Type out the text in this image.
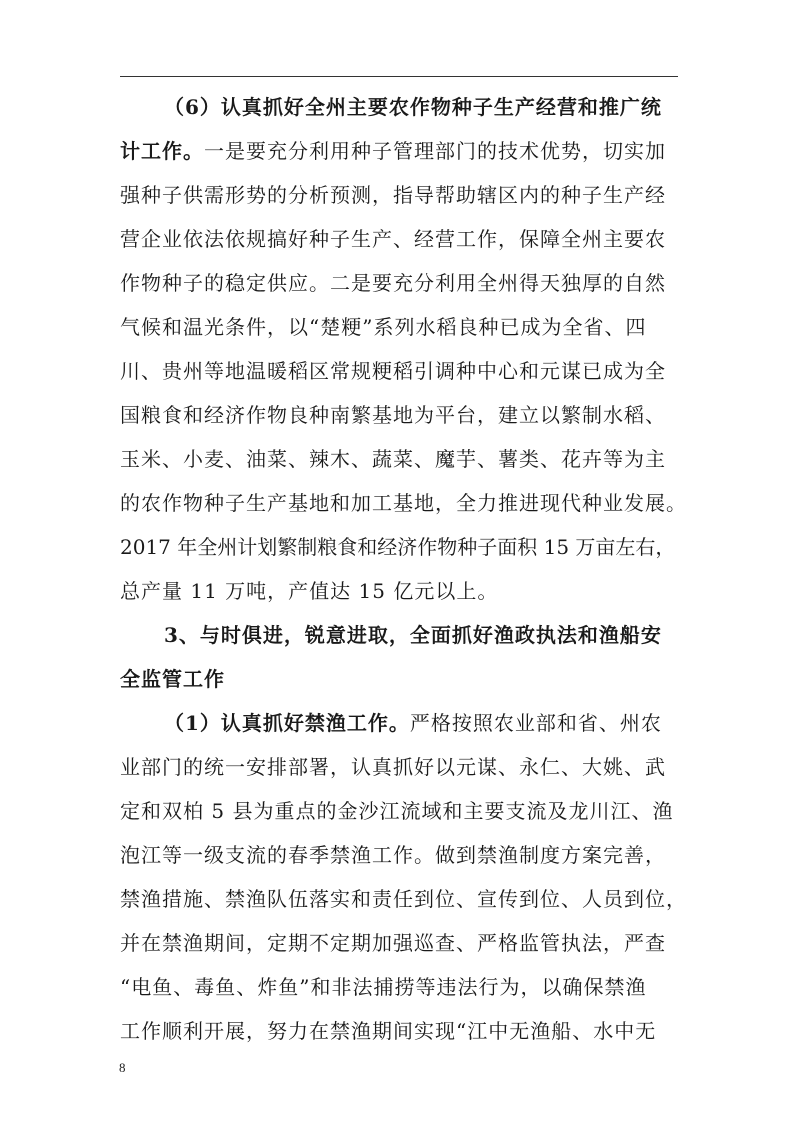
（6）认真抓好全州主要农作物种子生产经营和推广统
计工作。一是要充分利用种子管理部门的技术优势，切实加
强种子供需形势的分析预测，指导帮助辖区内的种子生产经
营企业依法依规搞好种子生产、经营工作，保障全州主要农
作物种子的稳定供应。二是要充分利用全州得天独厚的自然
气候和温光条件，以“楚粳”系列水稻良种已成为全省、四
川、贵州等地温暖稻区常规粳稻引调种中心和元谋已成为全
国粮食和经济作物良种南繁基地为平台，建立以繁制水稻、
玉米、小麦、油菜、辣木、蔬菜、魔芋、薯类、花卉等为主
的农作物种子生产基地和加工基地，全力推进现代种业发展。
2017 年全州计划繁制粮食和经济作物种子面积 15 万亩左右，
总产量 11 万吨，产值达 15 亿元以上。
3、与时俱进，锐意进取，全面抓好渔政执法和渔船安
全监管工作
（1）认真抓好禁渔工作。严格按照农业部和省、州农
业部门的统一安排部署，认真抓好以元谋、永仁、大姚、武
定和双柏 5 县为重点的金沙江流域和主要支流及龙川江、渔
泡江等一级支流的春季禁渔工作。做到禁渔制度方案完善，
禁渔措施、禁渔队伍落实和责任到位、宣传到位、人员到位，
并在禁渔期间，定期不定期加强巡查、严格监管执法，严查
“电鱼、毒鱼、炸鱼”和非法捕捞等违法行为，以确保禁渔
工作顺利开展，努力在禁渔期间实现“江中无渔船、水中无
8
